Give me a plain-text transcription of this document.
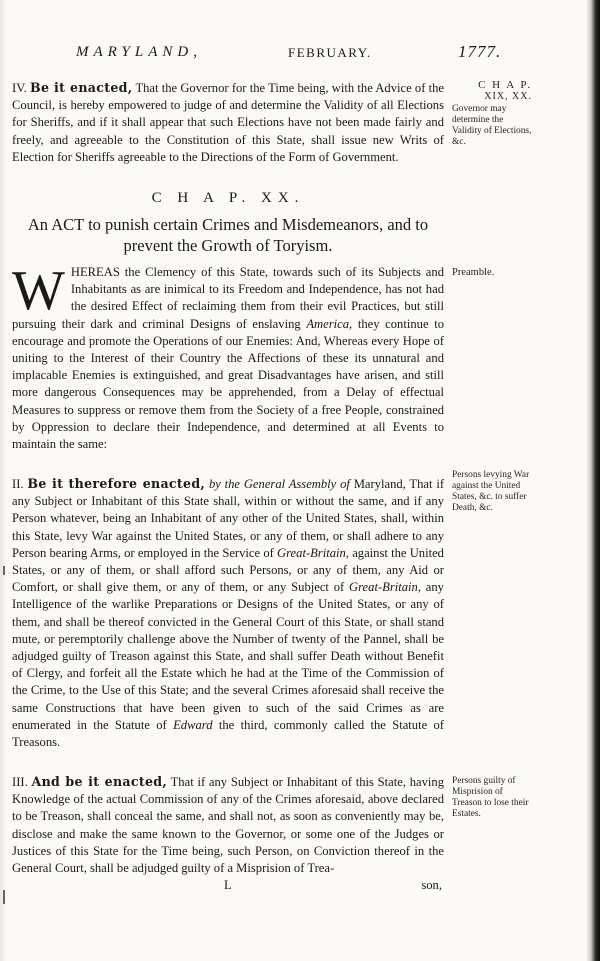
MARYLAND,	FEBRUARY.	1777.

IV. Be it enacted, That the Governor for the Time being, with the Advice of the Council, is hereby empowered to judge of and determine the Validity of all Elections for Sheriffs, and if it shall appear that such Elections have not been made fairly and freely, and agreeable to the Constitution of this State, shall issue new Writs of Election for Sheriffs agreeable to the Directions of the Form of Government.

C H A P. XX.
An ACT to punish certain Crimes and Misdemeanors, and to prevent the Growth of Toryism.

W HEREAS the Clemency of this State, towards such of its Subjects and Inhabitants as are inimical to its Freedom and Independence, has not had the desired Effect of reclaiming them from their evil Practices, but still pursuing their dark and criminal Designs of enslaving America, they continue to encourage and promote the Operations of our Enemies: And, Whereas every Hope of uniting to the Interest of their Country the Affections of these its unnatural and implacable Enemies is extinguished, and great Disadvantages have arisen, and still more dangerous Consequences may be apprehended, from a Delay of effectual Measures to suppress or remove them from the Society of a free People, constrained by Oppression to declare their Independence, and determined at all Events to maintain the same:

II. Be it therefore enacted, by the General Assembly of Maryland, That if any Subject or Inhabitant of this State shall, within or without the same, and if any Person whatever, being an Inhabitant of any other of the United States, shall, within this State, levy War against the United States, or any of them, or shall adhere to any Person bearing Arms, or employed in the Service of Great-Britain, against the United States, or any of them, or shall afford such Persons, or any of them, any Aid or Comfort, or shall give them, or any of them, or any Subject of Great-Britain, any Intelligence of the warlike Preparations or Designs of the United States, or any of them, and shall be thereof convicted in the General Court of this State, or shall stand mute, or peremptorily challenge above the Number of twenty of the Pannel, shall be adjudged guilty of Treason against this State, and shall suffer Death without Benefit of Clergy, and forfeit all the Estate which he had at the Time of the Commission of the Crime, to the Use of this State; and the several Crimes aforesaid shall receive the same Constructions that have been given to such of the said Crimes as are enumerated in the Statute of Edward the third, commonly called the Statute of Treasons.

III. And be it enacted, That if any Subject or Inhabitant of this State, having Knowledge of the actual Commission of any of the Crimes aforesaid, above declared to be Treason, shall conceal the same, and shall not, as soon as conveniently may be, disclose and make the same known to the Governor, or some one of the Judges or Justices of this State for the Time being, such Person, on Conviction thereof in the General Court, shall be adjudged guilty of a Misprision of Trea-

L	son,
C H A P.
XIX, XX.
Governor may determine the Validity of Elections, &c.
Preamble.
Persons levying War against the United States, &c. to suffer Death, &c.
Persons guilty of Misprision of Treason to lose their Estates.
